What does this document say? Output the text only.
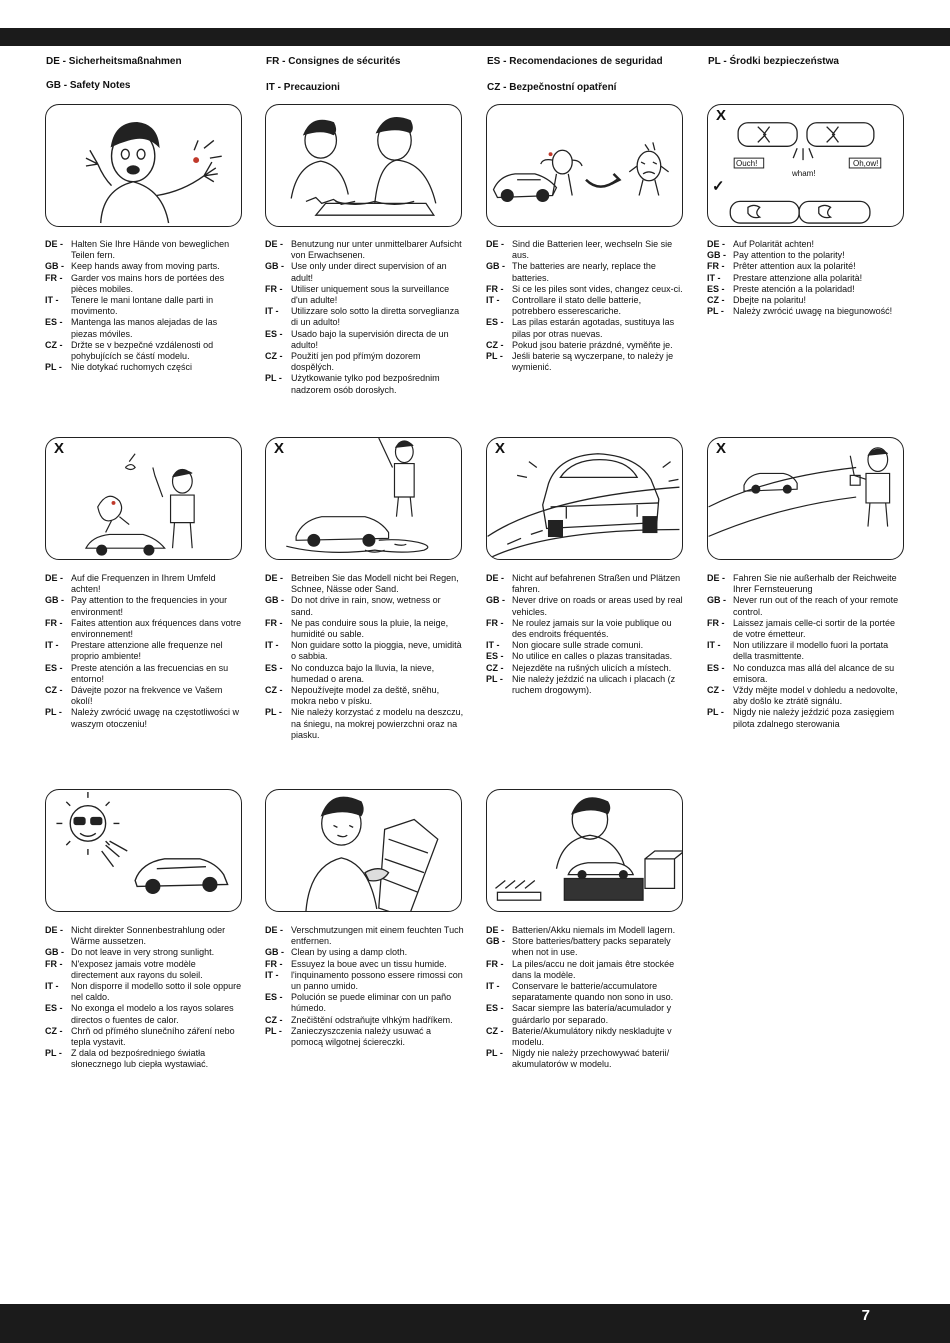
DE - Sicherheitsmaßnahmen
GB - Safety Notes
FR - Consignes de sécurités
IT - Precauzioni
ES - Recomendaciones de seguridad
CZ - Bezpečnostní opatření
PL - Środki bezpieczeństwa
X
Ouch!
wham!
Oh,ow!
✓
DE - Halten Sie Ihre Hände von beweglichen Teilen fern.
GB - Keep hands away from moving parts.
FR - Garder vos mains hors de portées des pièces mobiles.
IT -	Tenere le mani lontane dalle parti in movimento.
ES - Mantenga las manos alejadas de las piezas móviles.
CZ - Držte se v bezpečné vzdálenosti od pohybujících se částí modelu.
PL -	Nie dotykać ruchomych części
DE - Benutzung nur unter unmittelbarer Aufsicht von Erwachsenen.
GB - Use only under direct supervision of an adult!
FR - Utiliser uniquement sous la surveillance d'un adulte!
IT -	Utilizzare solo sotto la diretta sorveglianza di un adulto!
ES - Usado bajo la supervisión directa de un adulto!
CZ - Použití jen pod přímým dozorem dospělých.
PL -	Użytkowanie tylko pod bezpośrednim nadzorem osób dorosłych.
DE - Sind die Batterien leer, wechseln Sie sie aus.
GB - The batteries are nearly, replace the batteries.
FR - Si ce les piles sont vides, changez ceux-ci.
IT -	Controllare il stato delle batterie, potrebbero esserescariche.
ES - Las pilas estarán agotadas, sustituya las pilas por otras nuevas.
CZ - Pokud jsou baterie prázdné, vyměňte je.
PL -	Jeśli baterie są wyczerpane, to należy je wymienić.
DE - Auf Polarität achten!
GB - Pay attention to the polarity!
FR - Prêter attention aux la polarité!
IT -	Prestare attenzione alla polarità!
ES - Preste atención a la polaridad!
CZ - Dbejte na polaritu!
PL -	Należy zwrócić uwagę na biegunowość!
X	X	X	X
DE - Auf die Frequenzen in Ihrem Umfeld achten!
GB - Pay attention to the frequencies in your environment!
FR - Faites attention aux fréquences dans votre environnement!
IT -	Prestare attenzione alle frequenze nel proprio ambiente!
ES - Preste atención a las frecuencias en su entorno!
CZ - Dávejte pozor na frekvence ve Vašem okolí!
PL -	Należy zwrócić uwagę na częstotliwości w waszym otoczeniu!
DE - Betreiben Sie das Modell nicht bei Regen, Schnee, Nässe oder Sand.
GB - Do not drive in rain, snow, wetness or sand.
FR - Ne pas conduire sous la pluie, la neige, humidité ou sable.
IT -	Non guidare sotto la pioggia, neve, umidità o sabbia.
ES - No conduzca bajo la lluvia, la nieve, humedad o arena.
CZ - Nepoužívejte model za deště, sněhu, mokra nebo v písku.
PL -	Nie należy korzystać z modelu na deszczu, na śniegu, na mokrej powierzchni oraz na piasku.
DE - Nicht auf befahrenen Straßen und Plätzen fahren.
GB - Never drive on roads or areas used by real vehicles.
FR - Ne roulez jamais sur la voie publique ou des endroits fréquentés.
IT -	Non giocare sulle strade comuni.
ES - No utilice en calles o plazas transitadas.
CZ - Nejezděte na rušných ulicích a místech.
PL -	Nie należy jeździć na ulicach i placach (z ruchem drogowym).
DE - Fahren Sie nie außerhalb der Reichweite Ihrer Fernsteuerung
GB - Never run out of the reach of your remote control.
FR - Laissez jamais celle-ci sortir de la portée de votre émetteur.
IT -	Non utilizzare il modello fuori la portata della trasmittente.
ES - No conduzca mas allá del alcance de su emisora.
CZ - Vždy mějte model v dohledu a nedovolte, aby došlo ke ztrátě signálu.
PL -	Nigdy nie należy jeździć poza zasięgiem pilota zdalnego sterowania
DE - Nicht direkter Sonnenbestrahlung oder Wärme aussetzen.
GB - Do not leave in very strong sunlight.
FR - N'exposez jamais votre modèle directement aux rayons du soleil.
IT -	Non disporre il modello sotto il sole oppure nel caldo.
ES - No exonga el modelo a los rayos solares directos o fuentes de calor.
CZ - Chrň od přímého slunečního záření nebo tepla vystavit.
PL -	Z dala od bezpośredniego światła słonecznego lub ciepła wystawiać.
DE - Verschmutzungen mit einem feuchten Tuch entfernen.
GB - Clean by using a damp cloth.
FR - Essuyez la boue avec un tissu humide.
IT -	l'inquinamento possono essere rimossi con un panno umido.
ES - Polución se puede eliminar con un paño húmedo.
CZ - Znečištění odstraňujte vlhkým hadříkem.
PL -	Zanieczyszczenia należy usuwać a pomocą wilgotnej ściereczki.
DE - Batterien/Akku niemals im Modell lagern.
GB - Store batteries/battery packs separately when not in use.
FR - La piles/accu ne doit jamais être stockée dans la modèle.
IT -	Conservare le batterie/accumulatore separatamente quando non sono in uso.
ES - Sacar siempre las batería/acumulador y guárdarlo por separado.
CZ - Baterie/Akumulátory nikdy neskladujte v modelu.
PL -	Nigdy nie należy przechowywać baterii/ akumulatorów w modelu.
7
